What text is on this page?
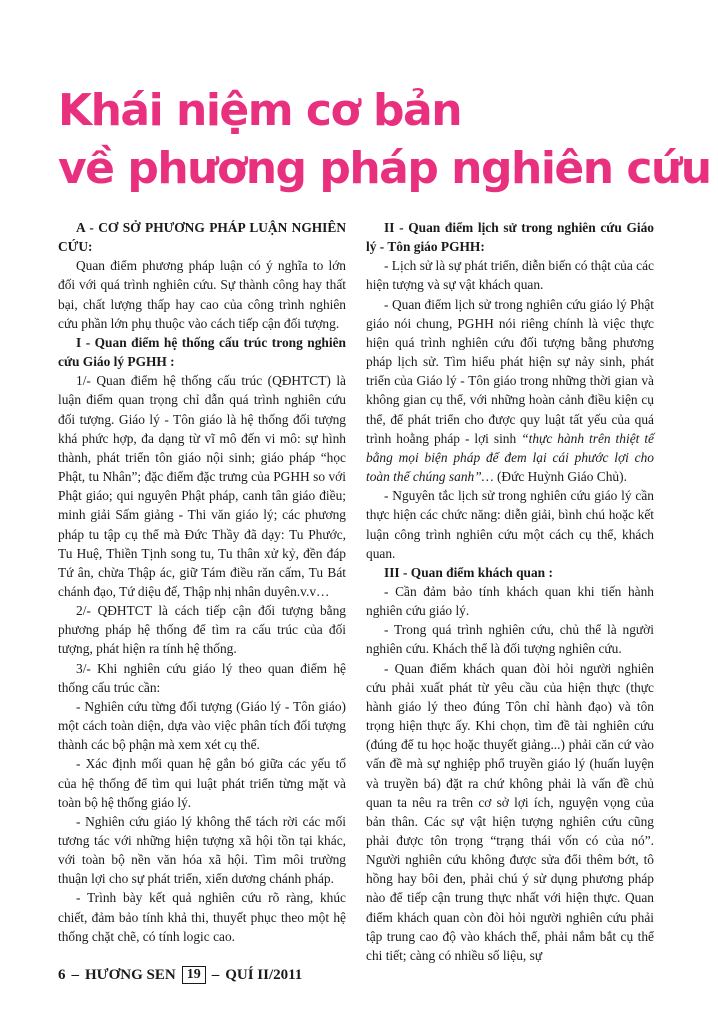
Khái niệm cơ bản
về phương pháp nghiên cứu

A - CƠ SỞ PHƯƠNG PHÁP LUẬN NGHIÊN CỨU:

Quan điểm phương pháp luận có ý nghĩa to lớn đối với quá trình nghiên cứu. Sự thành công hay thất bại, chất lượng thấp hay cao của công trình nghiên cứu phần lớn phụ thuộc vào cách tiếp cận đối tượng.

I - Quan điểm hệ thống cấu trúc trong nghiên cứu Giáo lý PGHH :

1/- Quan điểm hệ thống cấu trúc (QĐHTCT) là luận điểm quan trọng chỉ dẫn quá trình nghiên cứu đối tượng. Giáo lý - Tôn giáo là hệ thống đối tượng khá phức hợp, đa dạng từ vĩ mô đến vi mô: sự hình thành, phát triển tôn giáo nội sinh; giáo pháp “học Phật, tu Nhân”; đặc điểm đặc trưng của PGHH so với Phật giáo; qui nguyên Phật pháp, canh tân giáo điều; minh giải Sấm giảng - Thi văn giáo lý; các phương pháp tu tập cụ thể mà Đức Thầy đã dạy: Tu Phước, Tu Huệ, Thiền Tịnh song tu, Tu thân xử kỷ, đền đáp Tứ ân, chừa Thập ác, giữ Tám điều răn cấm, Tu Bát chánh đạo, Tứ diệu đế, Thập nhị nhân duyên.v.v…

2/- QĐHTCT là cách tiếp cận đối tượng bằng phương pháp hệ thống để tìm ra cấu trúc của đối tượng, phát hiện ra tính hệ thống.

3/- Khi nghiên cứu giáo lý theo quan điểm hệ thống cấu trúc cần:

- Nghiên cứu từng đối tượng (Giáo lý - Tôn giáo) một cách toàn diện, dựa vào việc phân tích đối tượng thành các bộ phận mà xem xét cụ thể.

- Xác định mối quan hệ gắn bó giữa các yếu tố của hệ thống để tìm qui luật phát triển từng mặt và toàn bộ hệ thống giáo lý.

- Nghiên cứu giáo lý không thể tách rời các mối tương tác với những hiện tượng xã hội tồn tại khác, với toàn bộ nền văn hóa xã hội. Tìm môi trường thuận lợi cho sự phát triển, xiển dương chánh pháp.

- Trình bày kết quả nghiên cứu rõ ràng, khúc chiết, đảm bảo tính khả thi, thuyết phục theo một hệ thống chặt chẽ, có tính logic cao.

II - Quan điểm lịch sử trong nghiên cứu Giáo lý - Tôn giáo PGHH:

- Lịch sử là sự phát triển, diễn biến có thật của các hiện tượng và sự vật khách quan.

- Quan điểm lịch sử trong nghiên cứu giáo lý Phật giáo nói chung, PGHH nói riêng chính là việc thực hiện quá trình nghiên cứu đối tượng bằng phương pháp lịch sử. Tìm hiểu phát hiện sự nảy sinh, phát triển của Giáo lý - Tôn giáo trong những thời gian và không gian cụ thể, với những hoàn cảnh điều kiện cụ thể, để phát triển cho được quy luật tất yếu của quá trình hoằng pháp - lợi sinh “thực hành trên thiệt tế bằng mọi biện pháp để đem lại cái phước lợi cho toàn thể chúng sanh”… (Đức Huỳnh Giáo Chủ).

- Nguyên tắc lịch sử trong nghiên cứu giáo lý cần thực hiện các chức năng: diễn giải, bình chú hoặc kết luận công trình nghiên cứu một cách cụ thể, khách quan.

III - Quan điểm khách quan :

- Cần đảm bảo tính khách quan khi tiến hành nghiên cứu giáo lý.

- Trong quá trình nghiên cứu, chủ thể là người nghiên cứu. Khách thể là đối tượng nghiên cứu.

- Quan điểm khách quan đòi hỏi người nghiên cứu phải xuất phát từ yêu cầu của hiện thực (thực hành giáo lý theo đúng Tôn chỉ hành đạo) và tôn trọng hiện thực ấy. Khi chọn, tìm đề tài nghiên cứu (đúng để tu học hoặc thuyết giảng...) phải căn cứ vào vấn đề mà sự nghiệp phổ truyền giáo lý (huấn luyện và truyền bá) đặt ra chứ không phải là vấn đề chủ quan ta nêu ra trên cơ sở lợi ích, nguyện vọng của bản thân. Các sự vật hiện tượng nghiên cứu cũng phải được tôn trọng “trạng thái vốn có của nó”. Người nghiên cứu không được sửa đổi thêm bớt, tô hồng hay bôi đen, phải chú ý sử dụng phương pháp nào để tiếp cận trung thực nhất với hiện thực. Quan điểm khách quan còn đòi hỏi người nghiên cứu phải tập trung cao độ vào khách thể, phải nắm bắt cụ thể chi tiết; càng có nhiều số liệu, sự

6 – HƯƠNG SEN 19 – QUÍ II/2011
